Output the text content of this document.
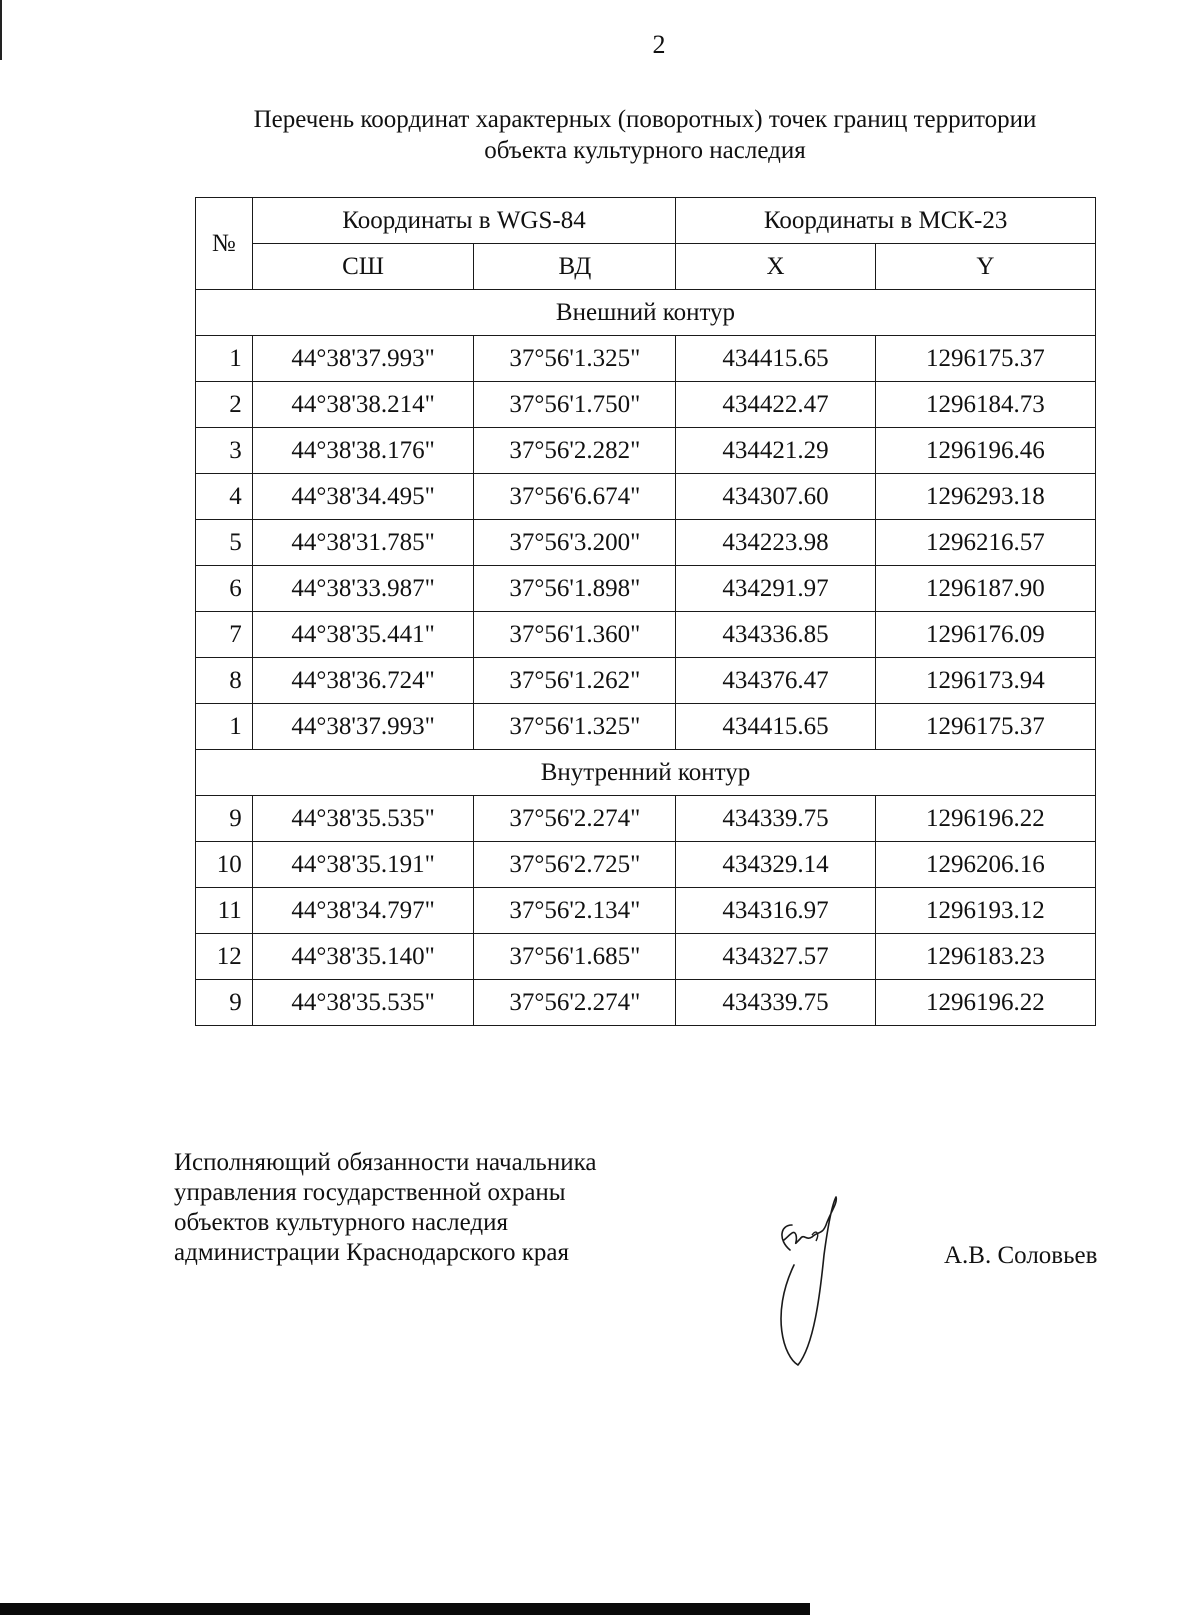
2
Перечень координат характерных (поворотных) точек границ территории
объекта культурного наследия
№	Координаты в WGS-84		Координаты в МСК-23	
	СШ	ВД	X	Y
Внешний контур				
1	44°38'37.993"	37°56'1.325"	434415.65	1296175.37
2	44°38'38.214"	37°56'1.750"	434422.47	1296184.73
3	44°38'38.176"	37°56'2.282"	434421.29	1296196.46
4	44°38'34.495"	37°56'6.674"	434307.60	1296293.18
5	44°38'31.785"	37°56'3.200"	434223.98	1296216.57
6	44°38'33.987"	37°56'1.898"	434291.97	1296187.90
7	44°38'35.441"	37°56'1.360"	434336.85	1296176.09
8	44°38'36.724"	37°56'1.262"	434376.47	1296173.94
1	44°38'37.993"	37°56'1.325"	434415.65	1296175.37
Внутренний контур				
9	44°38'35.535"	37°56'2.274"	434339.75	1296196.22
10	44°38'35.191"	37°56'2.725"	434329.14	1296206.16
11	44°38'34.797"	37°56'2.134"	434316.97	1296193.12
12	44°38'35.140"	37°56'1.685"	434327.57	1296183.23
9	44°38'35.535"	37°56'2.274"	434339.75	1296196.22
Исполняющий обязанности начальника
управления государственной охраны
объектов культурного наследия
администрации Краснодарского края	А.В. Соловьев
